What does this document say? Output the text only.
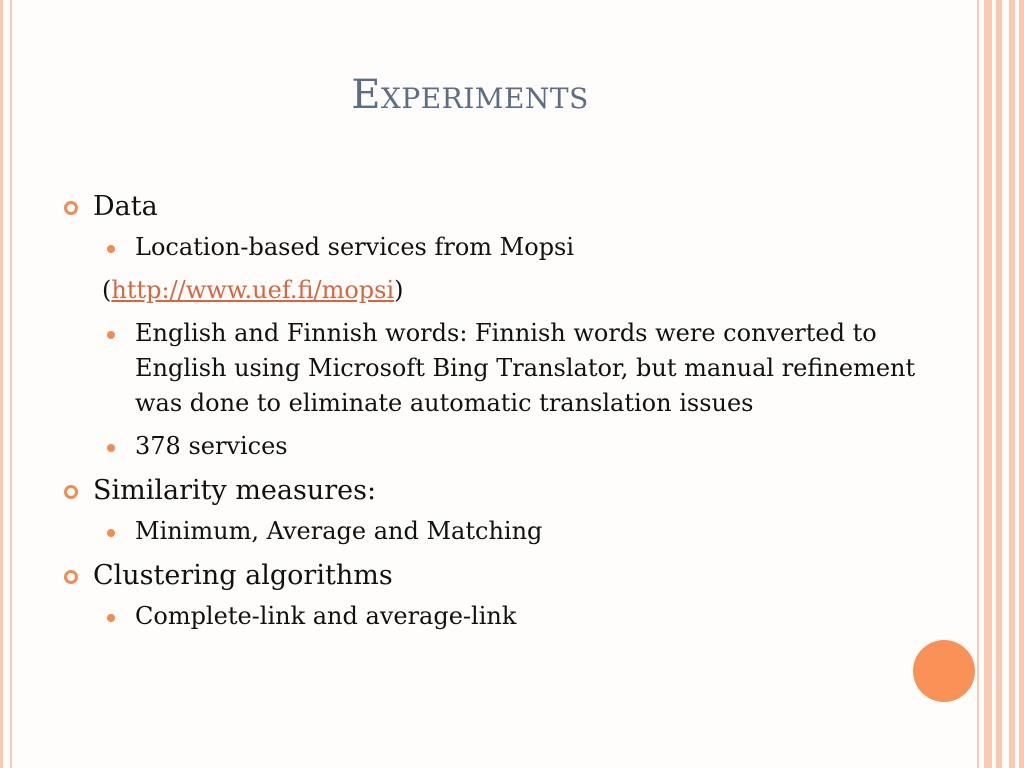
Experiments
Data
Location-based services from Mopsi
(http://www.uef.fi/mopsi)
English and Finnish words: Finnish words were converted to English using Microsoft Bing Translator, but manual refinement was done to eliminate automatic translation issues
378 services
Similarity measures:
Minimum, Average and Matching
Clustering algorithms
Complete-link and average-link
